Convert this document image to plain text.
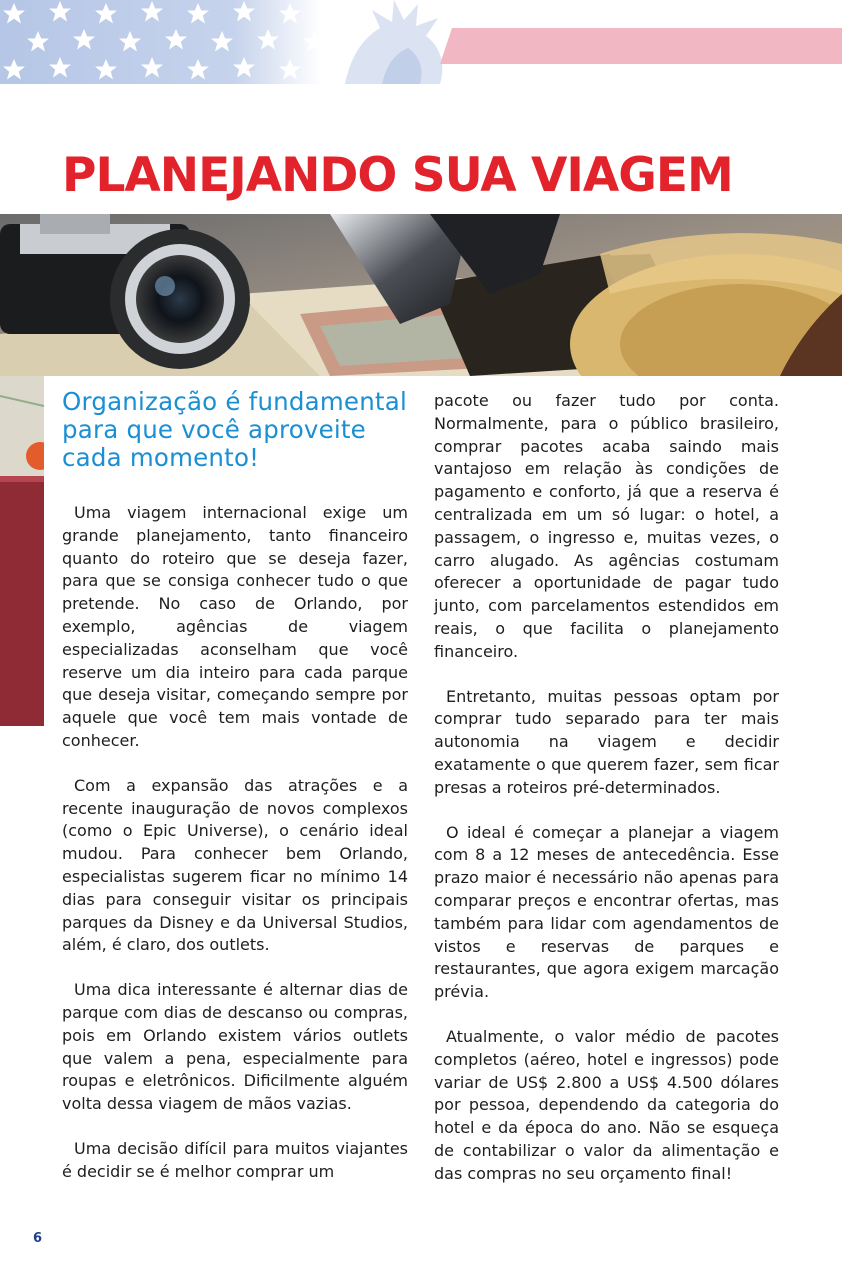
PLANEJANDO SUA VIAGEM
Organização é fundamental para que você aproveite cada momento!

Uma viagem internacional exige um grande planejamento, tanto financeiro quanto do roteiro que se deseja fazer, para que se consiga conhecer tudo o que pretende. No caso de Orlando, por exemplo, agências de viagem especializadas aconselham que você reserve um dia inteiro para cada parque que deseja visitar, começando sempre por aquele que você tem mais vontade de conhecer.

Com a expansão das atrações e a recente inauguração de novos complexos (como o Epic Universe), o cenário ideal mudou. Para conhecer bem Orlando, especialistas sugerem ficar no mínimo 14 dias para conseguir visitar os principais parques da Disney e da Universal Studios, além, é claro, dos outlets.

Uma dica interessante é alternar dias de parque com dias de descanso ou compras, pois em Orlando existem vários outlets que valem a pena, especialmente para roupas e eletrônicos. Dificilmente alguém volta dessa viagem de mãos vazias.

Uma decisão difícil para muitos viajantes é decidir se é melhor comprar um

pacote ou fazer tudo por conta. Normalmente, para o público brasileiro, comprar pacotes acaba saindo mais vantajoso em relação às condições de pagamento e conforto, já que a reserva é centralizada em um só lugar: o hotel, a passagem, o ingresso e, muitas vezes, o carro alugado. As agências costumam oferecer a oportunidade de pagar tudo junto, com parcelamentos estendidos em reais, o que facilita o planejamento financeiro.

Entretanto, muitas pessoas optam por comprar tudo separado para ter mais autonomia na viagem e decidir exatamente o que querem fazer, sem ficar presas a roteiros pré-determinados.

O ideal é começar a planejar a viagem com 8 a 12 meses de antecedência. Esse prazo maior é necessário não apenas para comparar preços e encontrar ofertas, mas também para lidar com agendamentos de vistos e reservas de parques e restaurantes, que agora exigem marcação prévia.

Atualmente, o valor médio de pacotes completos (aéreo, hotel e ingressos) pode variar de US$ 2.800 a US$ 4.500 dólares por pessoa, dependendo da categoria do hotel e da época do ano. Não se esqueça de contabilizar o valor da alimentação e das compras no seu orçamento final!

6
